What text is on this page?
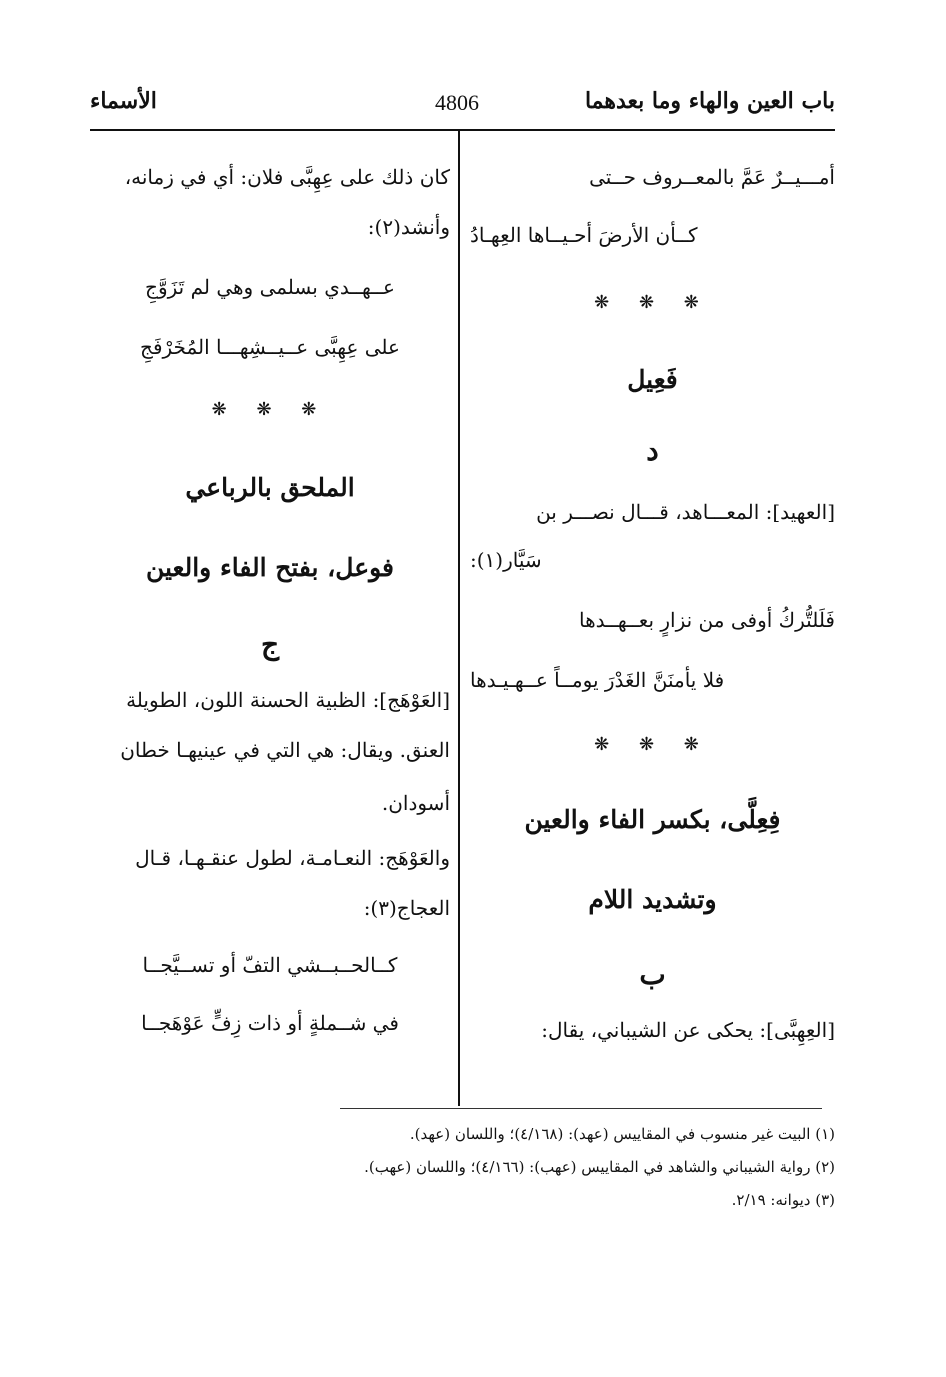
باب العين والهاء وما بعدهما
4806
الأسماء
أمـــيــرٌ عَمَّ بالمعــروف حــتى
كــأن الأرضَ أحـيــاها العِهـادُ
❋ ❋ ❋
فَعِيل
د
[العهيد]: المعـــاهد، قـــال نصـــر بن
سَيَّار(١):
فَلَلتُّركُ أوفى من نزارٍ بعــهــدها
فلا يأمنَنَّ الغَدْرَ يومــاً عــهـيـدها
❋ ❋ ❋
فِعِلَّى، بكسر الفاء والعين
وتشديد اللام
ب
[العِهِبَّى]: يحكى عن الشيباني، يقال:
كان ذلك على عِهِبَّى فلان: أي في زمانه،
وأنشد(٢):
عــهــدي بسلمى وهي لم تَزَوَّجِ
على عِهِبَّى عــيــشِهـــا المُخَرْفَجِ
❋ ❋ ❋
الملحق بالرباعي
فوعل، بفتح الفاء والعين
ج
[العَوْهَج]: الظبية الحسنة اللون، الطويلة
العنق. ويقال: هي التي في عينيهـا خطان
أسودان.
والعَوْهَج: النعـامـة، لطول عنقـهـا، قـال
العجاج(٣):
كــالحــبــشي التفّ أو تســيَّجــا
في شــملةٍ أو ذات زِفٍّ عَوْهَجــا
(١) البيت غير منسوب في المقاييس (عهد): (٤/١٦٨)؛ واللسان (عهد).
(٢) رواية الشيباني والشاهد في المقاييس (عهب): (٤/١٦٦)؛ واللسان (عهب).
(٣) ديوانه: ٢/١٩.
